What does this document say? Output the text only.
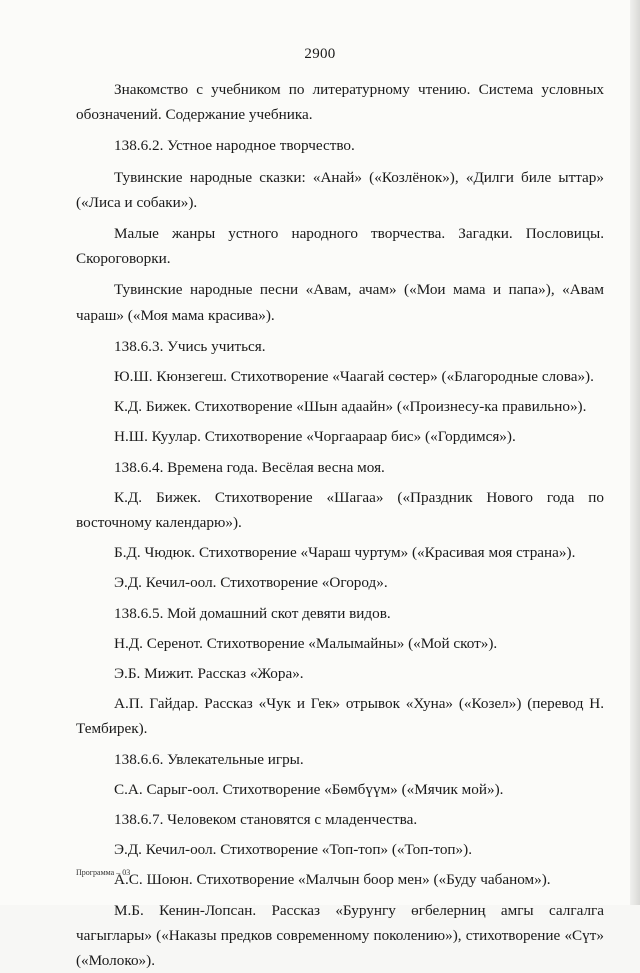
2900

Знакомство с учебником по литературному чтению. Система условных обозначений. Содержание учебника.

138.6.2. Устное народное творчество.

Тувинские народные сказки: «Анай» («Козлёнок»), «Дилги биле ыттар» («Лиса и собаки»).

Малые жанры устного народного творчества. Загадки. Пословицы. Скороговорки.

Тувинские народные песни «Авам, ачам» («Мои мама и папа»), «Авам чараш» («Моя мама красива»).

138.6.3. Учись учиться.

Ю.Ш. Кюнзегеш. Стихотворение «Чаагай сөстер» («Благородные слова»).

К.Д. Бижек. Стихотворение «Шын адаайн» («Произнесу-ка правильно»).

Н.Ш. Куулар. Стихотворение «Чоргаараар бис» («Гордимся»).

138.6.4. Времена года. Весёлая весна моя.

К.Д. Бижек. Стихотворение «Шагаа» («Праздник Нового года по восточному календарю»).

Б.Д. Чюдюк. Стихотворение «Чараш чуртум» («Красивая моя страна»).

Э.Д. Кечил-оол. Стихотворение «Огород».

138.6.5. Мой домашний скот девяти видов.

Н.Д. Серенот. Стихотворение «Малымайны» («Мой скот»).

Э.Б. Мижит. Рассказ «Жора».

А.П. Гайдар. Рассказ «Чук и Гек» отрывок «Хуна» («Козел») (перевод Н. Тембирек).

138.6.6. Увлекательные игры.

С.А. Сарыг-оол. Стихотворение «Бөмбүүм» («Мячик мой»).

138.6.7. Человеком становятся с младенчества.

Э.Д. Кечил-оол. Стихотворение «Топ-топ» («Топ-топ»).

А.С. Шоюн. Стихотворение «Малчын боор мен» («Буду чабаном»).

М.Б. Кенин-Лопсан. Рассказ «Бурунгу өгбелерниң амгы салгалга чагыглары» («Наказы предков современному поколению»), стихотворение «Сүт» («Молоко»).

Программа – 03
